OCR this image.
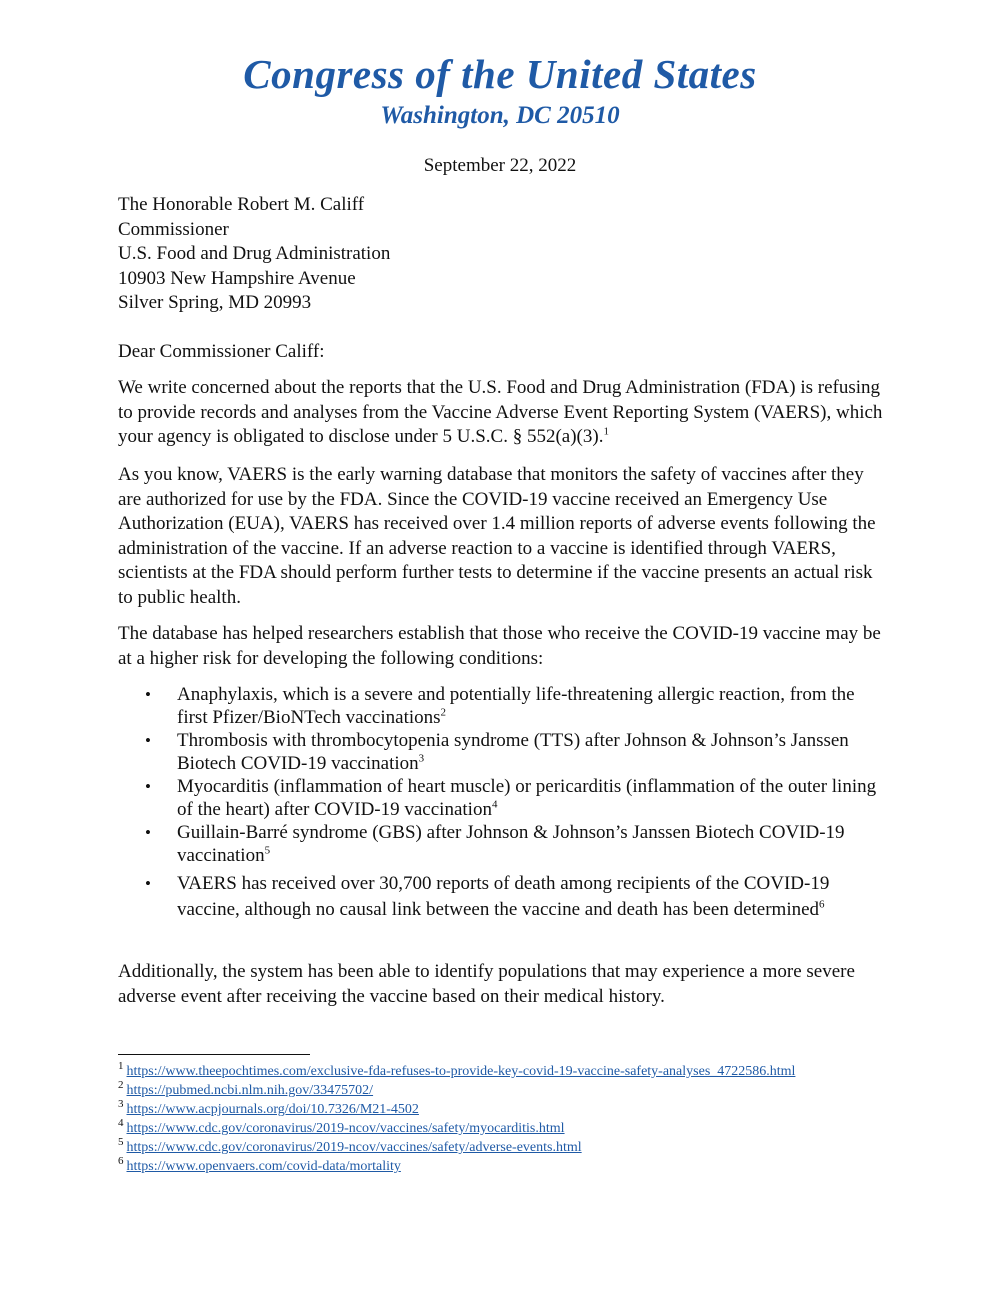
Congress of the United States
Washington, DC 20510
September 22, 2022
The Honorable Robert M. Califf
Commissioner
U.S. Food and Drug Administration
10903 New Hampshire Avenue
Silver Spring, MD 20993
Dear Commissioner Califf:

We write concerned about the reports that the U.S. Food and Drug Administration (FDA) is refusing to provide records and analyses from the Vaccine Adverse Event Reporting System (VAERS), which your agency is obligated to disclose under 5 U.S.C. § 552(a)(3).$^1$

As you know, VAERS is the early warning database that monitors the safety of vaccines after they are authorized for use by the FDA. Since the COVID-19 vaccine received an Emergency Use Authorization (EUA), VAERS has received over 1.4 million reports of adverse events following the administration of the vaccine. If an adverse reaction to a vaccine is identified through VAERS, scientists at the FDA should perform further tests to determine if the vaccine presents an actual risk to public health.

The database has helped researchers establish that those who receive the COVID-19 vaccine may be at a higher risk for developing the following conditions:

• Anaphylaxis, which is a severe and potentially life-threatening allergic reaction, from the first Pfizer/BioNTech vaccinations$^2$
• Thrombosis with thrombocytopenia syndrome (TTS) after Johnson & Johnson’s Janssen Biotech COVID-19 vaccination$^3$
• Myocarditis (inflammation of heart muscle) or pericarditis (inflammation of the outer lining of the heart) after COVID-19 vaccination$^4$
• Guillain-Barré syndrome (GBS) after Johnson & Johnson’s Janssen Biotech COVID-19 vaccination$^5$
• VAERS has received over 30,700 reports of death among recipients of the COVID-19 vaccine, although no causal link between the vaccine and death has been determined$^6$

Additionally, the system has been able to identify populations that may experience a more severe adverse event after receiving the vaccine based on their medical history.

$^1$ https://www.theepochtimes.com/exclusive-fda-refuses-to-provide-key-covid-19-vaccine-safety-analyses_4722586.html
$^2$ https://pubmed.ncbi.nlm.nih.gov/33475702/
$^3$ https://www.acpjournals.org/doi/10.7326/M21-4502
$^4$ https://www.cdc.gov/coronavirus/2019-ncov/vaccines/safety/myocarditis.html
$^5$ https://www.cdc.gov/coronavirus/2019-ncov/vaccines/safety/adverse-events.html
$^6$ https://www.openvaers.com/covid-data/mortality
